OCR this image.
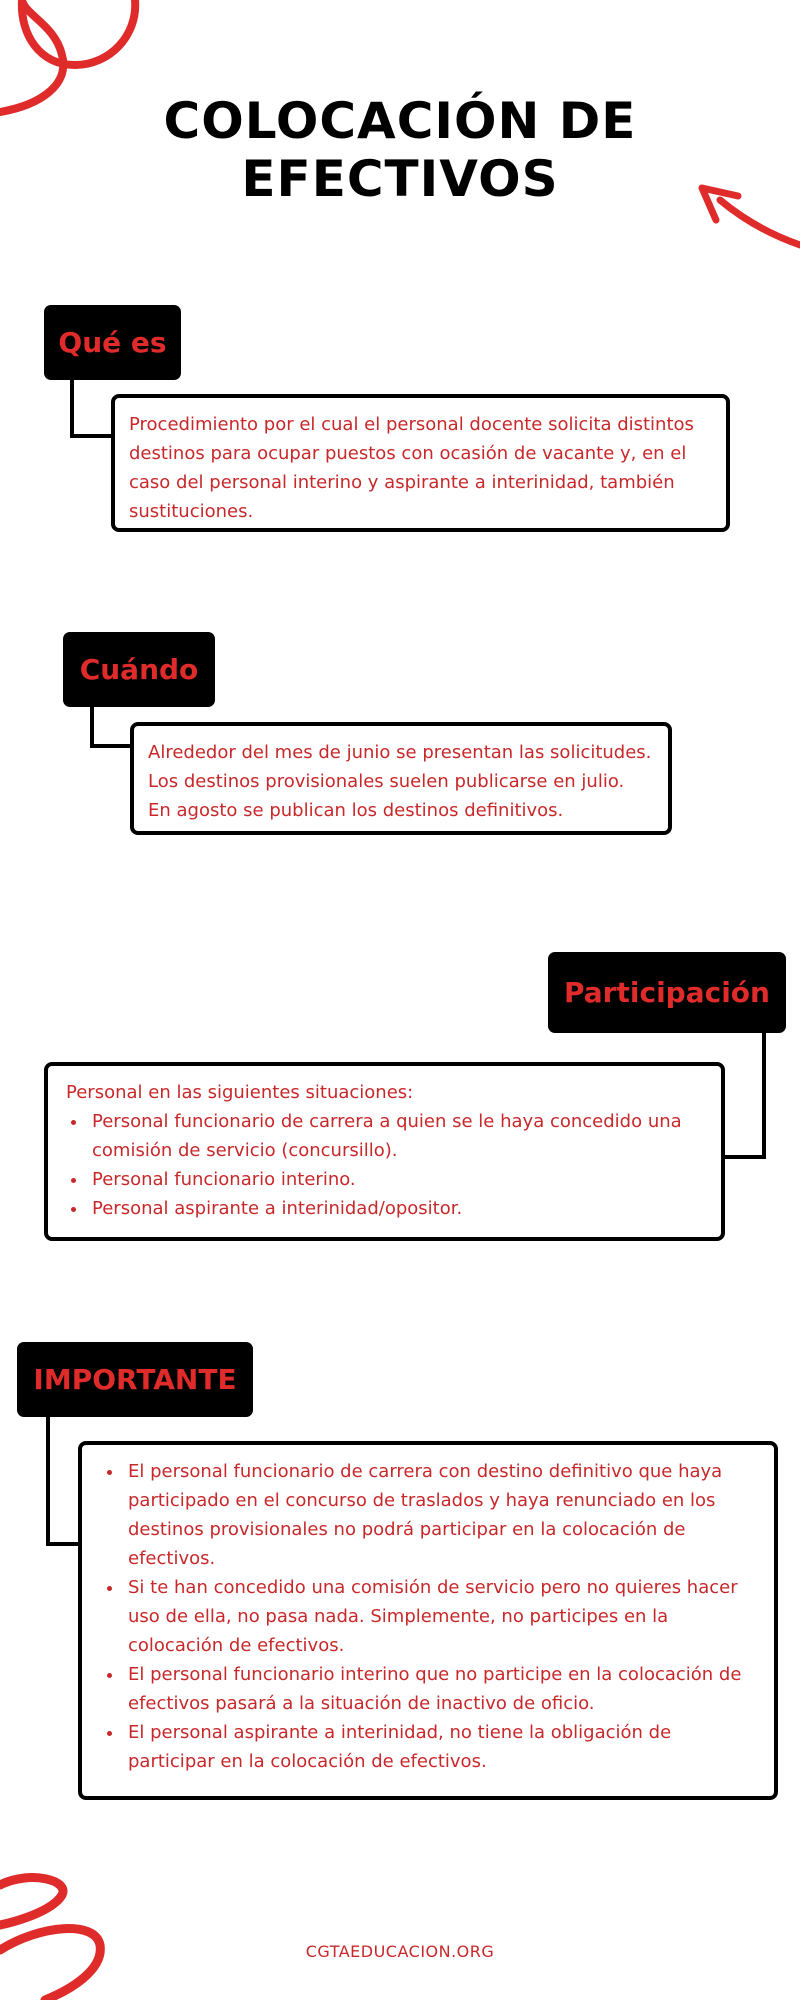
COLOCACIÓN DE EFECTIVOS
Qué es

Procedimiento por el cual el personal docente solicita distintos destinos para ocupar puestos con ocasión de vacante y, en el caso del personal interino y aspirante a interinidad, también sustituciones.

Cuándo

Alrededor del mes de junio se presentan las solicitudes.

Los destinos provisionales suelen publicarse en julio.

En agosto se publican los destinos definitivos.

Participación

Personal en las siguientes situaciones:

• Personal funcionario de carrera a quien se le haya concedido una comisión de servicio (concursillo).
• Personal funcionario interino.
• Personal aspirante a interinidad/opositor.
IMPORTANTE
• El personal funcionario de carrera con destino definitivo que haya participado en el concurso de traslados y haya renunciado en los destinos provisionales no podrá participar en la colocación de efectivos.
• Si te han concedido una comisión de servicio pero no quieres hacer uso de ella, no pasa nada. Simplemente, no participes en la colocación de efectivos.
• El personal funcionario interino que no participe en la colocación de efectivos pasará a la situación de inactivo de oficio.
• El personal aspirante a interinidad, no tiene la obligación de participar en la colocación de efectivos.
CGTAEDUCACION.ORG
